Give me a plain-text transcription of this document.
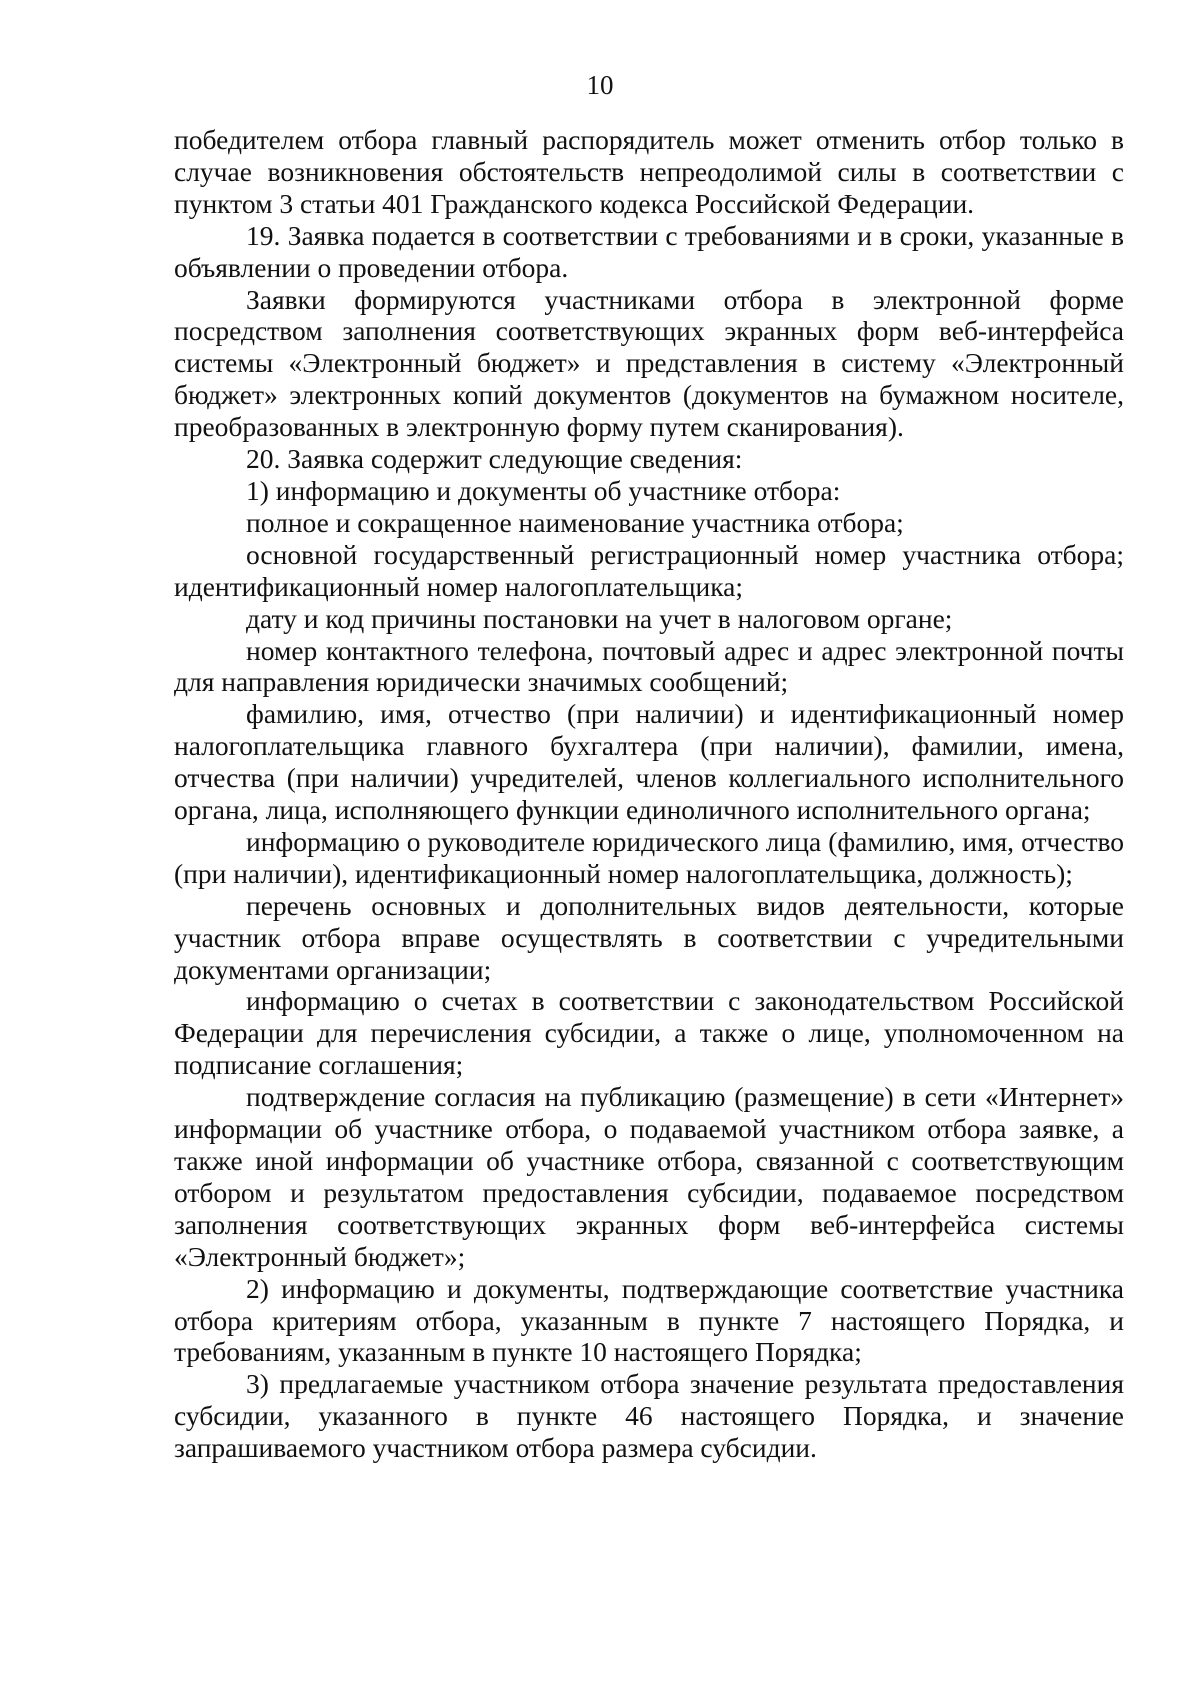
10

победителем отбора главный распорядитель может отменить отбор только в случае возникновения обстоятельств непреодолимой силы в соответствии с пунктом 3 статьи 401 Гражданского кодекса Российской Федерации.

19. Заявка подается в соответствии с требованиями и в сроки, указанные в объявлении о проведении отбора.

Заявки формируются участниками отбора в электронной форме посредством заполнения соответствующих экранных форм веб-интерфейса системы «Электронный бюджет» и представления в систему «Электронный бюджет» электронных копий документов (документов на бумажном носителе, преобразованных в электронную форму путем сканирования).

20. Заявка содержит следующие сведения:

1) информацию и документы об участнике отбора:

полное и сокращенное наименование участника отбора;

основной государственный регистрационный номер участника отбора; идентификационный номер налогоплательщика;

дату и код причины постановки на учет в налоговом органе;

номер контактного телефона, почтовый адрес и адрес электронной почты для направления юридически значимых сообщений;

фамилию, имя, отчество (при наличии) и идентификационный номер налогоплательщика главного бухгалтера (при наличии), фамилии, имена, отчества (при наличии) учредителей, членов коллегиального исполнительного органа, лица, исполняющего функции единоличного исполнительного органа;

информацию о руководителе юридического лица (фамилию, имя, отчество (при наличии), идентификационный номер налогоплательщика, должность);

перечень основных и дополнительных видов деятельности, которые участник отбора вправе осуществлять в соответствии с учредительными документами организации;

информацию о счетах в соответствии с законодательством Российской Федерации для перечисления субсидии, а также о лице, уполномоченном на подписание соглашения;

подтверждение согласия на публикацию (размещение) в сети «Интернет» информации об участнике отбора, о подаваемой участником отбора заявке, а также иной информации об участнике отбора, связанной с соответствующим отбором и результатом предоставления субсидии, подаваемое посредством заполнения соответствующих экранных форм веб-интерфейса системы «Электронный бюджет»;

2) информацию и документы, подтверждающие соответствие участника отбора критериям отбора, указанным в пункте 7 настоящего Порядка, и требованиям, указанным в пункте 10 настоящего Порядка;

3) предлагаемые участником отбора значение результата предоставления субсидии, указанного в пункте 46 настоящего Порядка, и значение запрашиваемого участником отбора размера субсидии.
